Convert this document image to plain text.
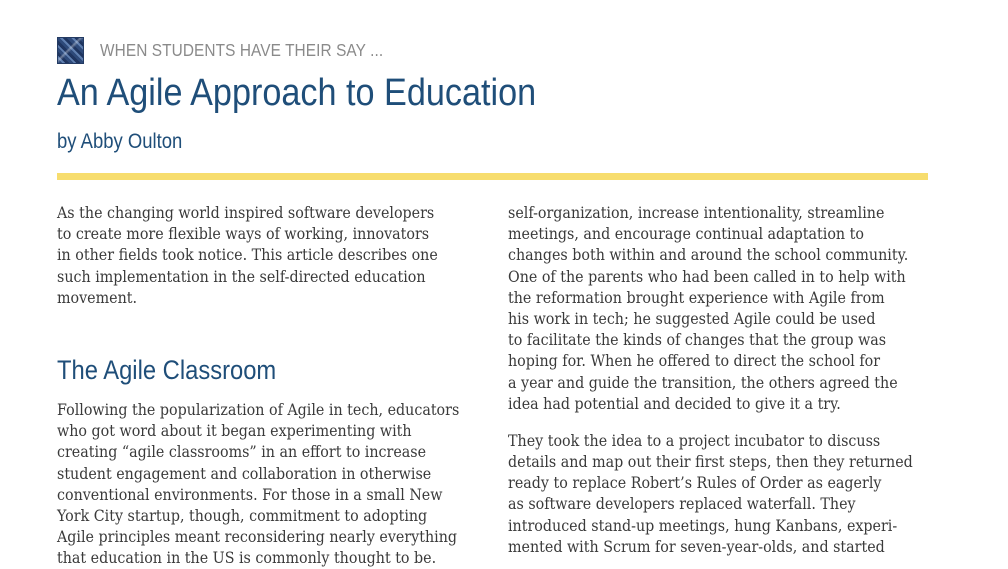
WHEN STUDENTS HAVE THEIR SAY ...
An Agile Approach to Education
by Abby Oulton

As the changing world inspired software developers
to create more flexible ways of working, innovators
in other fields took notice. This article describes one
such implementation in the self-directed education
movement.

The Agile Classroom

Following the popularization of Agile in tech, educators
who got word about it began experimenting with
creating “agile classrooms” in an effort to increase
student engagement and collaboration in otherwise
conventional environments. For those in a small New
York City startup, though, commitment to adopting
Agile principles meant reconsidering nearly everything
that education in the US is commonly thought to be.

self-organization, increase intentionality, streamline
meetings, and encourage continual adaptation to
changes both within and around the school community.
One of the parents who had been called in to help with
the reformation brought experience with Agile from
his work in tech; he suggested Agile could be used
to facilitate the kinds of changes that the group was
hoping for. When he offered to direct the school for
a year and guide the transition, the others agreed the
idea had potential and decided to give it a try.

They took the idea to a project incubator to discuss
details and map out their first steps, then they returned
ready to replace Robert’s Rules of Order as eagerly
as software developers replaced waterfall. They
introduced stand-up meetings, hung Kanbans, experi-
mented with Scrum for seven-year-olds, and started
